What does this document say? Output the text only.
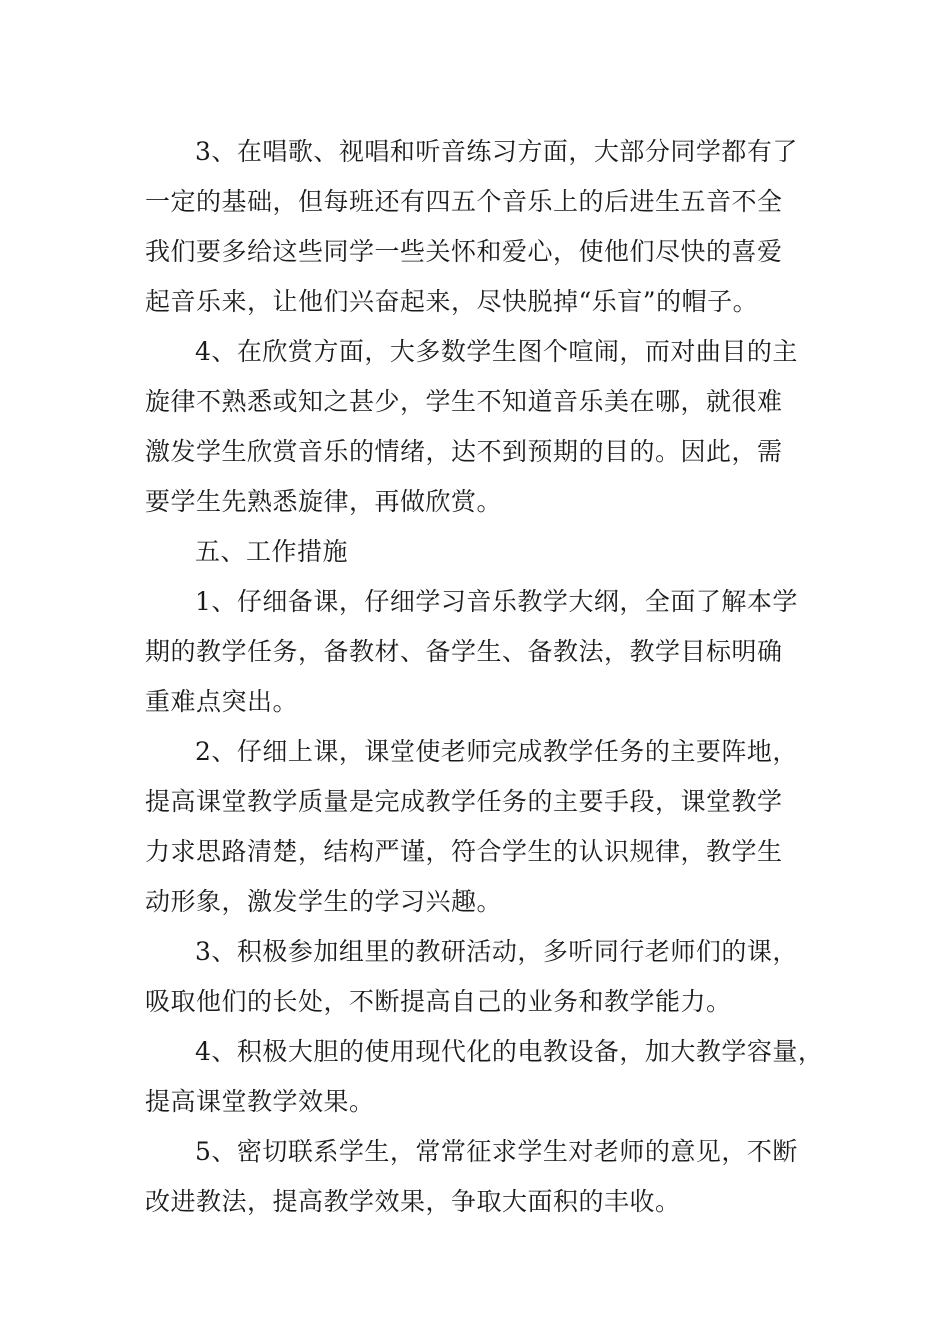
3、在唱歌、视唱和听音练习方面，大部分同学都有了
一定的基础，但每班还有四五个音乐上的后进生五音不全
我们要多给这些同学一些关怀和爱心，使他们尽快的喜爱
起音乐来，让他们兴奋起来，尽快脱掉“乐盲”的帽子。
4、在欣赏方面，大多数学生图个喧闹，而对曲目的主
旋律不熟悉或知之甚少，学生不知道音乐美在哪，就很难
激发学生欣赏音乐的情绪，达不到预期的目的。因此，需
要学生先熟悉旋律，再做欣赏。
五、工作措施
1、仔细备课，仔细学习音乐教学大纲，全面了解本学
期的教学任务，备教材、备学生、备教法，教学目标明确
重难点突出。
2、仔细上课，课堂使老师完成教学任务的主要阵地，
提高课堂教学质量是完成教学任务的主要手段，课堂教学
力求思路清楚，结构严谨，符合学生的认识规律，教学生
动形象，激发学生的学习兴趣。
3、积极参加组里的教研活动，多听同行老师们的课，
吸取他们的长处，不断提高自己的业务和教学能力。
4、积极大胆的使用现代化的电教设备，加大教学容量，
提高课堂教学效果。
5、密切联系学生，常常征求学生对老师的意见，不断
改进教法，提高教学效果，争取大面积的丰收。
